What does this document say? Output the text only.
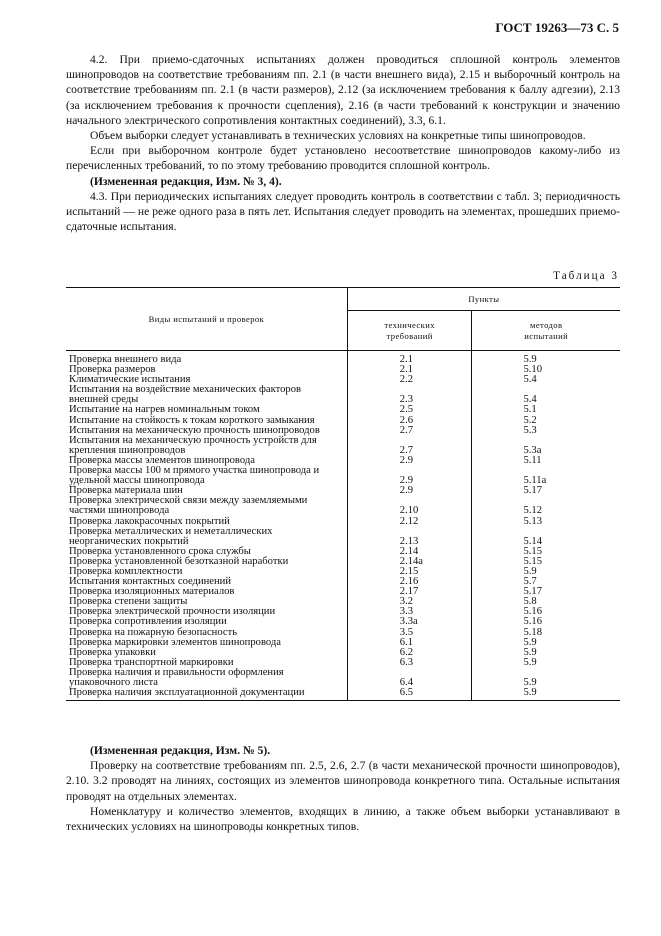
ГОСТ 19263—73 С. 5

4.2. При приемо-сдаточных испытаниях должен проводиться сплошной контроль элементов шинопроводов на соответствие требованиям пп. 2.1 (в части внешнего вида), 2.15 и выборочный контроль на соответствие требованиям пп. 2.1 (в части размеров), 2.12 (за исключением требования к баллу адгезии), 2.13 (за исключением требования к прочности сцепления), 2.16 (в части требований к конструкции и значению начального электрического сопротивления контактных соединений), 3.3, 6.1.

Объем выборки следует устанавливать в технических условиях на конкретные типы шинопроводов.

Если при выборочном контроле будет установлено несоответствие шинопроводов какому-либо из перечисленных требований, то по этому требованию проводится сплошной контроль.

(Измененная редакция, Изм. № 3, 4).

4.3. При периодических испытаниях следует проводить контроль в соответствии с табл. 3; периодичность испытаний — не реже одного раза в пять лет. Испытания следует проводить на элементах, прошедших приемо-сдаточные испытания.

Таблица 3
Виды испытаний и проверок	Пункты	
	технических
требований	методов
испытаний
Проверка внешнего вида	2.1	5.9
Проверка размеров	2.1	5.10
Климатические испытания	2.2	5.4
Испытания на воздействие механических факторов внешней среды	2.3	5.4
Испытание на нагрев номинальным током	2.5	5.1
Испытание на стойкость к токам короткого замыкания	2.6	5.2
Испытания на механическую прочность шинопроводов	2.7	5.3
Испытания на механическую прочность устройств для крепления шинопроводов	2.7	5.3а
Проверка массы элементов шинопровода	2.9	5.11
Проверка массы 100 м прямого участка шинопровода и удельной массы шинопровода	2.9	5.11а
Проверка материала шин	2.9	5.17
Проверка электрической связи между заземляемыми частями шинопровода	2.10	5.12
Проверка лакокрасочных покрытий	2.12	5.13
Проверка металлических и неметаллических неорганических покрытий	2.13	5.14
Проверка установленного срока службы	2.14	5.15
Проверка установленной безотказной наработки	2.14а	5.15
Проверка комплектности	2.15	5.9
Испытания контактных соединений	2.16	5.7
Проверка изоляционных материалов	2.17	5.17
Проверка степени защиты	3.2	5.8
Проверка электрической прочности изоляции	3.3	5.16
Проверка сопротивления изоляции	3.3а	5.16
Проверка на пожарную безопасность	3.5	5.18
Проверка маркировки элементов шинопровода	6.1	5.9
Проверка упаковки	6.2	5.9
Проверка транспортной маркировки	6.3	5.9
Проверка наличия и правильности оформления упаковочного листа	6.4	5.9
Проверка наличия эксплуатационной документации	6.5	5.9

(Измененная редакция, Изм. № 5).

Проверку на соответствие требованиям пп. 2.5, 2.6, 2.7 (в части механической прочности шинопроводов), 2.10. 3.2 проводят на линиях, состоящих из элементов шинопровода конкретного типа. Остальные испытания проводят на отдельных элементах.

Номенклатуру и количество элементов, входящих в линию, а также объем выборки устанавливают в технических условиях на шинопроводы конкретных типов.
